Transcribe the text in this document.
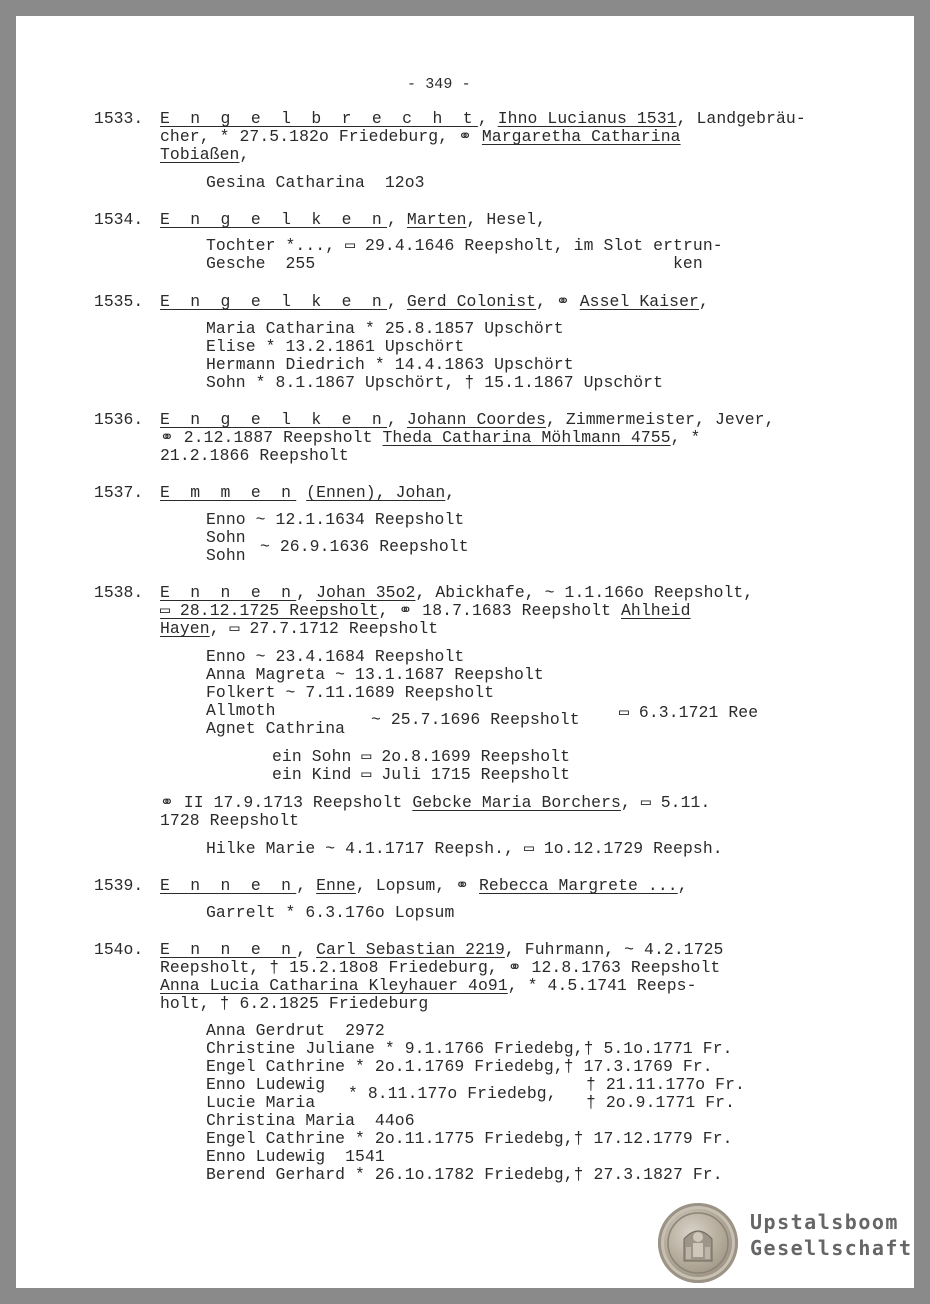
- 349 -
1533. E n g e l b r e c h t, Ihno Lucianus 1531, Landgebräu-
cher, * 27.5.182o Friedeburg, ⚭ Margaretha Catharina
Tobiaßen,
Gesina Catharina  12o3
1534. E n g e l k e n, Marten, Hesel,
Tochter *..., ▭ 29.4.1646 Reepsholt, im Slot ertrun-
Gesche  255                                    ken
1535. E n g e l k e n, Gerd Colonist, ⚭ Assel Kaiser,
Maria Catharina * 25.8.1857 Upschört
Elise * 13.2.1861 Upschört
Hermann Diedrich * 14.4.1863 Upschört
Sohn * 8.1.1867 Upschört, † 15.1.1867 Upschört
1536. E n g e l k e n, Johann Coordes, Zimmermeister, Jever,
⚭ 2.12.1887 Reepsholt Theda Catharina Möhlmann 4755, *
21.2.1866 Reepsholt
1537. E m m e n (Ennen), Johan,
Enno ~ 12.1.1634 Reepsholt
Sohn ~ 26.9.1636 Reepsholt
Sohn
1538. E n n e n, Johan 35o2, Abickhafe, ~ 1.1.166o Reepsholt,
▭ 28.12.1725 Reepsholt, ⚭ 18.7.1683 Reepsholt Ahlheid
Hayen, ▭ 27.7.1712 Reepsholt
Enno ~ 23.4.1684 Reepsholt
Anna Magreta ~ 13.1.1687 Reepsholt
Folkert ~ 7.11.1689 Reepsholt
Allmoth	~ 25.7.1696 Reepsholt ▭ 6.3.1721 Ree
Agnet Cathrina
ein Sohn ▭ 2o.8.1699 Reepsholt
ein Kind ▭ Juli 1715 Reepsholt
⚭ II 17.9.1713 Reepsholt Gebcke Maria Borchers, ▭ 5.11.
1728 Reepsholt
Hilke Marie ~ 4.1.1717 Reepsh., ▭ 1o.12.1729 Reepsh.
1539. E n n e n, Enne, Lopsum, ⚭ Rebecca Margrete ...,
Garrelt * 6.3.176o Lopsum
154o. E n n e n, Carl Sebastian 2219, Fuhrmann, ~ 4.2.1725
Reepsholt, † 15.2.18o8 Friedeburg, ⚭ 12.8.1763 Reepsholt
Anna Lucia Catharina Kleyhauer 4o91, * 4.5.1741 Reeps-
holt, † 6.2.1825 Friedeburg
Anna Gerdrut  2972
Christine Juliane * 9.1.1766 Friedebg,† 5.1o.1771 Fr.
Engel Cathrine * 2o.1.1769 Friedebg,† 17.3.1769 Fr.
Enno Ludewig * 8.11.177o Friedebg, † 21.11.177o Fr.
Lucie Maria	† 2o.9.1771 Fr.
Christina Maria  44o6
Engel Cathrine * 2o.11.1775 Friedebg,† 17.12.1779 Fr.
Enno Ludewig  1541
Berend Gerhard * 26.1o.1782 Friedebg,† 27.3.1827 Fr.
Upstalsboom
Gesellschaft
